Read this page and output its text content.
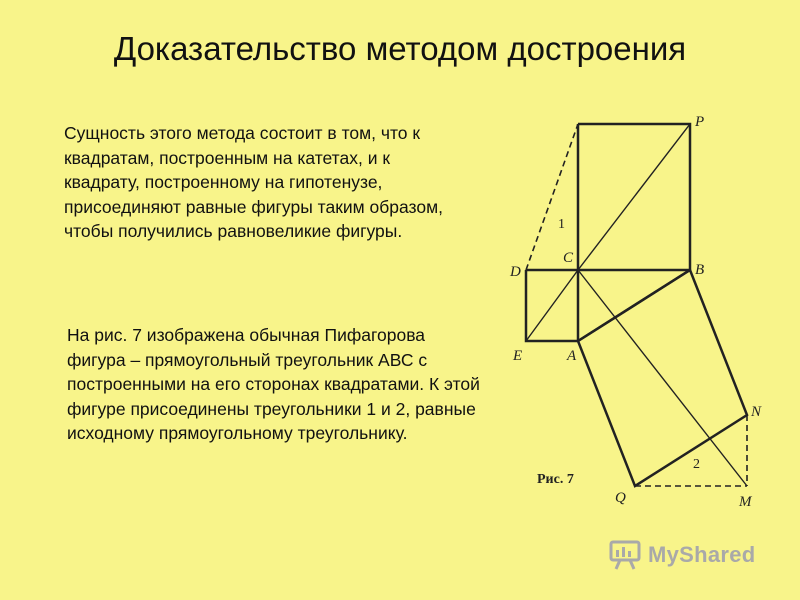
Доказательство методом достроения

Сущность этого метода состоит в том, что к квадратам, построенным на катетах, и к квадрату, построенному на гипотенузе, присоединяют равные фигуры таким образом, чтобы получились равновеликие фигуры.

На рис. 7 изображена обычная Пифагорова фигура – прямоугольный треугольник АВС с построенными на его сторонах квадратами. К этой фигуре присоединены треугольники 1 и 2, равные исходному прямоугольному треугольнику.

P
D
C
B
E	A
N
Q	M
1
2
Рис. 7
MyShared
